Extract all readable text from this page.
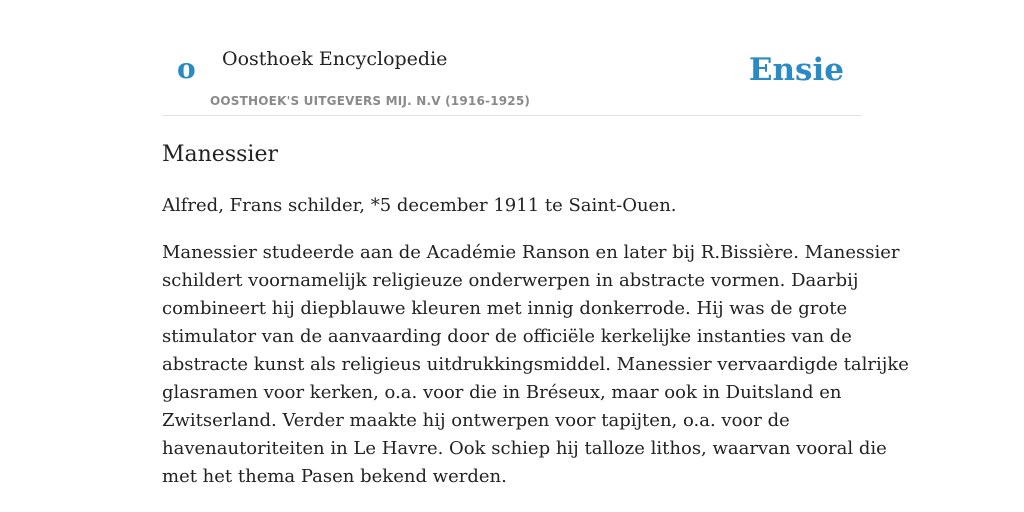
o Oosthoek Encyclopedie
OOSTHOEK'S UITGEVERS MIJ. N.V (1916-1925)
Ensie
Manessier

Alfred, Frans schilder, *5 december 1911 te Saint-Ouen.

Manessier studeerde aan de Académie Ranson en later bij R.Bissière. Manessier
schildert voornamelijk religieuze onderwerpen in abstracte vormen. Daarbij
combineert hij diepblauwe kleuren met innig donkerrode. Hij was de grote
stimulator van de aanvaarding door de officiële kerkelijke instanties van de
abstracte kunst als religieus uitdrukkingsmiddel. Manessier vervaardigde talrijke
glasramen voor kerken, o.a. voor die in Bréseux, maar ook in Duitsland en
Zwitserland. Verder maakte hij ontwerpen voor tapijten, o.a. voor de
havenautoriteiten in Le Havre. Ook schiep hij talloze lithos, waarvan vooral die
met het thema Pasen bekend werden.
